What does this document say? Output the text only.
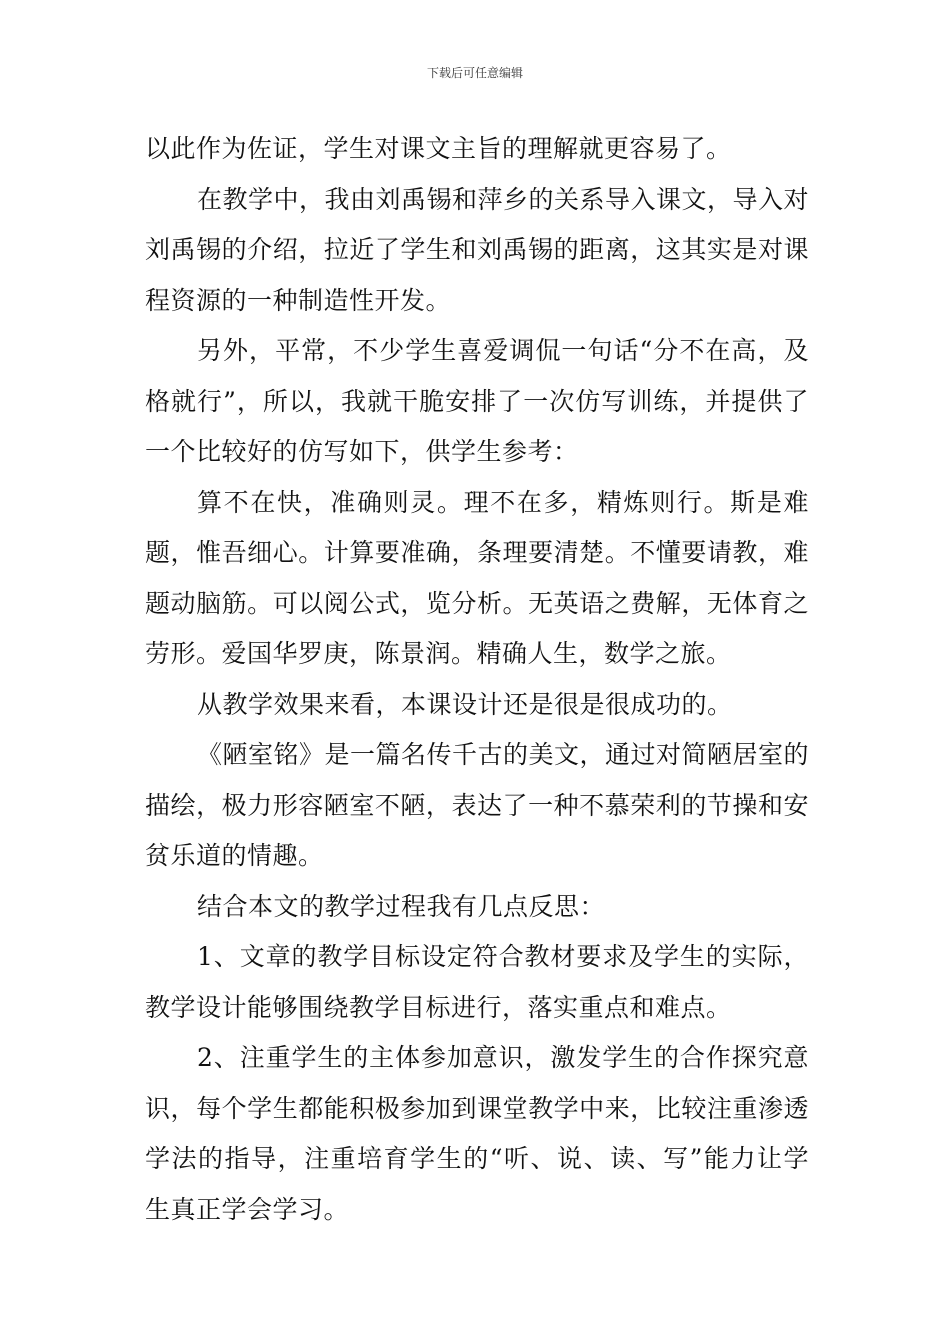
下载后可任意编辑

以此作为佐证，学生对课文主旨的理解就更容易了。

在教学中，我由刘禹锡和萍乡的关系导入课文，导入对刘禹锡的介绍，拉近了学生和刘禹锡的距离，这其实是对课程资源的一种制造性开发。

另外，平常，不少学生喜爱调侃一句话“分不在高，及格就行”，所以，我就干脆安排了一次仿写训练，并提供了一个比较好的仿写如下，供学生参考：

算不在快，准确则灵。理不在多，精炼则行。斯是难题，惟吾细心。计算要准确，条理要清楚。不懂要请教，难题动脑筋。可以阅公式，览分析。无英语之费解，无体育之劳形。爱国华罗庚，陈景润。精确人生，数学之旅。

从教学效果来看，本课设计还是很是很成功的。

《陋室铭》是一篇名传千古的美文，通过对简陋居室的描绘，极力形容陋室不陋，表达了一种不慕荣利的节操和安贫乐道的情趣。

结合本文的教学过程我有几点反思：

1、文章的教学目标设定符合教材要求及学生的实际，教学设计能够围绕教学目标进行，落实重点和难点。

2、注重学生的主体参加意识，激发学生的合作探究意识，每个学生都能积极参加到课堂教学中来，比较注重渗透学法的指导，注重培育学生的“听、说、读、写”能力让学生真正学会学习。
